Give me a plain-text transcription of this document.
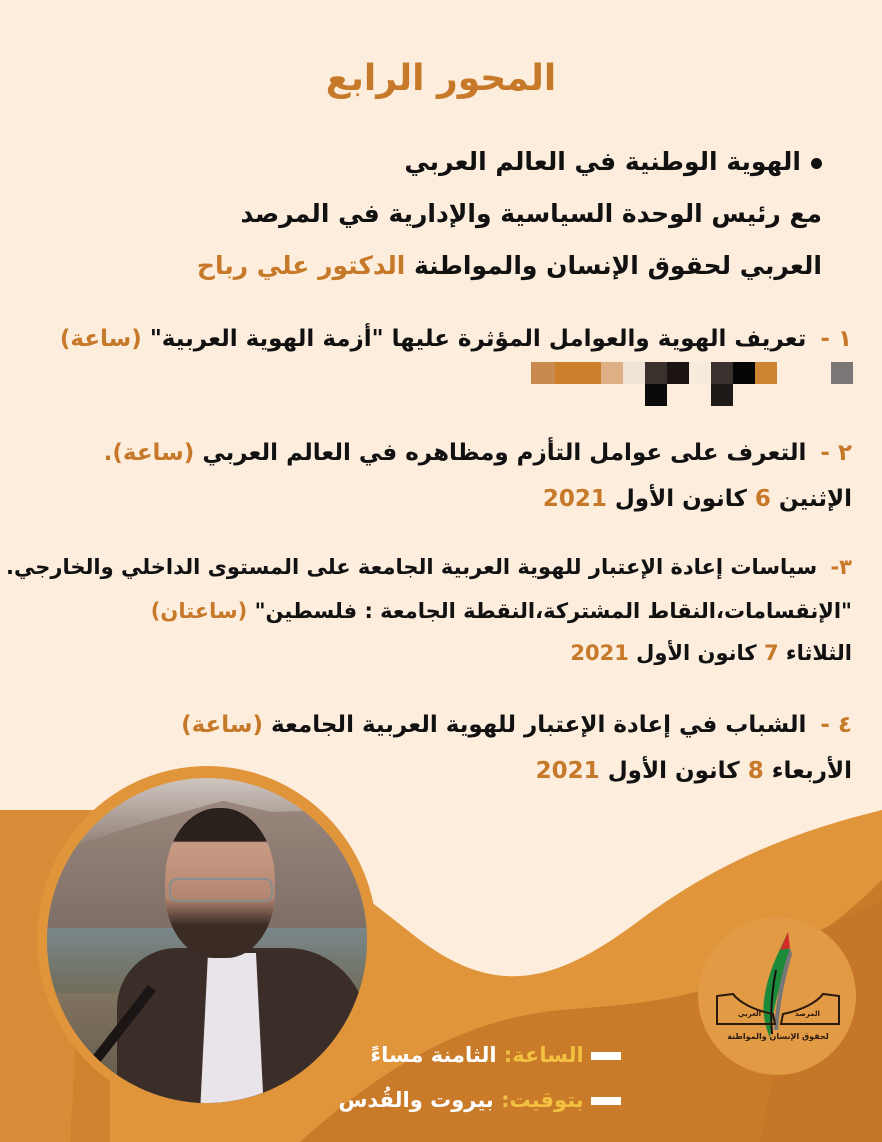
المحور الرابع
الهوية الوطنية في العالم العربي
مع رئيس الوحدة السياسية والإدارية في المرصد
العربي لحقوق الإنسان والمواطنة الدكتور علي رباح
١ - تعريف الهوية والعوامل المؤثرة عليها "أزمة الهوية العربية" (ساعة)
٢ - التعرف على عوامل التأزم ومظاهره في العالم العربي (ساعة).
الإثنين 6 كانون الأول 2021
٣- سياسات إعادة الإعتبار للهوية العربية الجامعة على المستوى الداخلي والخارجي.
"الإنقسامات،النقاط المشتركة،النقطة الجامعة : فلسطين" (ساعتان)
الثلاثاء 7 كانون الأول 2021
٤ - الشباب في إعادة الإعتبار للهوية العربية الجامعة (ساعة)
الأربعاء 8 كانون الأول 2021
العربي	المرصد
لحقوق الإنسان والمواطنة
الساعة: الثامنة مساءً
بتوقيت: بيروت والقُدس
